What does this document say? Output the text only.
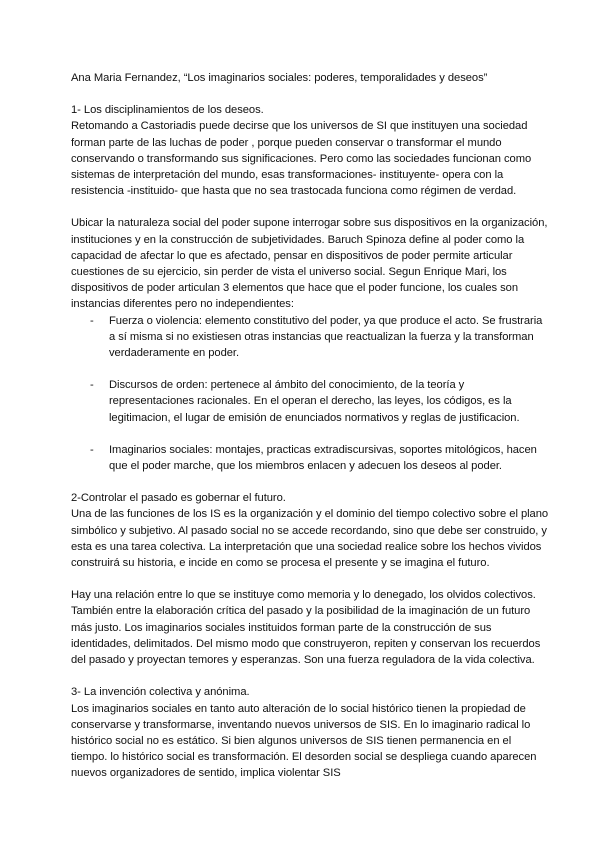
Ana Maria Fernandez, “Los imaginarios sociales: poderes, temporalidades y deseos”

1- Los disciplinamientos de los deseos.

Retomando a Castoriadis puede decirse que los universos de SI que instituyen una sociedad forman parte de las luchas de poder , porque pueden conservar o transformar el mundo conservando o transformando sus significaciones. Pero como las sociedades funcionan como sistemas de interpretación del mundo, esas transformaciones- instituyente- opera con la resistencia -instituido- que hasta que no sea trastocada funciona como régimen de verdad.

Ubicar la naturaleza social del poder supone interrogar sobre sus dispositivos en la organización, instituciones y en la construcción de subjetividades. Baruch Spinoza define al poder como la capacidad de afectar lo que es afectado, pensar en dispositivos de poder permite articular cuestiones de su ejercicio, sin perder de vista el universo social. Segun Enrique Mari, los dispositivos de poder articulan 3 elementos que hace que el poder funcione, los cuales son instancias diferentes pero no independientes:

- Fuerza o violencia: elemento constitutivo del poder, ya que produce el acto. Se frustraria a sí misma si no existiesen otras instancias que reactualizan la fuerza y la transforman verdaderamente en poder.
- Discursos de orden: pertenece al ámbito del conocimiento, de la teoría y representaciones racionales. En el operan el derecho, las leyes, los códigos, es la legitimacion, el lugar de emisión de enunciados normativos y reglas de justificacion.
- Imaginarios sociales: montajes, practicas extradiscursivas, soportes mitológicos, hacen que el poder marche, que los miembros enlacen y adecuen los deseos al poder.

2-Controlar el pasado es gobernar el futuro.

Una de las funciones de los IS es la organización y el dominio del tiempo colectivo sobre el plano simbólico y subjetivo. Al pasado social no se accede recordando, sino que debe ser construido, y esta es una tarea colectiva. La interpretación que una sociedad realice sobre los hechos vividos construirá su historia, e incide en como se procesa el presente y se imagina el futuro.

Hay una relación entre lo que se instituye como memoria y lo denegado, los olvidos colectivos. También entre la elaboración crítica del pasado y la posibilidad de la imaginación de un futuro más justo. Los imaginarios sociales instituidos forman parte de la construcción de sus identidades, delimitados. Del mismo modo que construyeron, repiten y conservan los recuerdos del pasado y proyectan temores y esperanzas. Son una fuerza reguladora de la vida colectiva.

3- La invención colectiva y anónima.

Los imaginarios sociales en tanto auto alteración de lo social histórico tienen la propiedad de conservarse y transformarse, inventando nuevos universos de SIS. En lo imaginario radical lo histórico social no es estático. Si bien algunos universos de SIS tienen permanencia en el tiempo. lo histórico social es transformación. El desorden social se despliega cuando aparecen nuevos organizadores de sentido, implica violentar SIS
